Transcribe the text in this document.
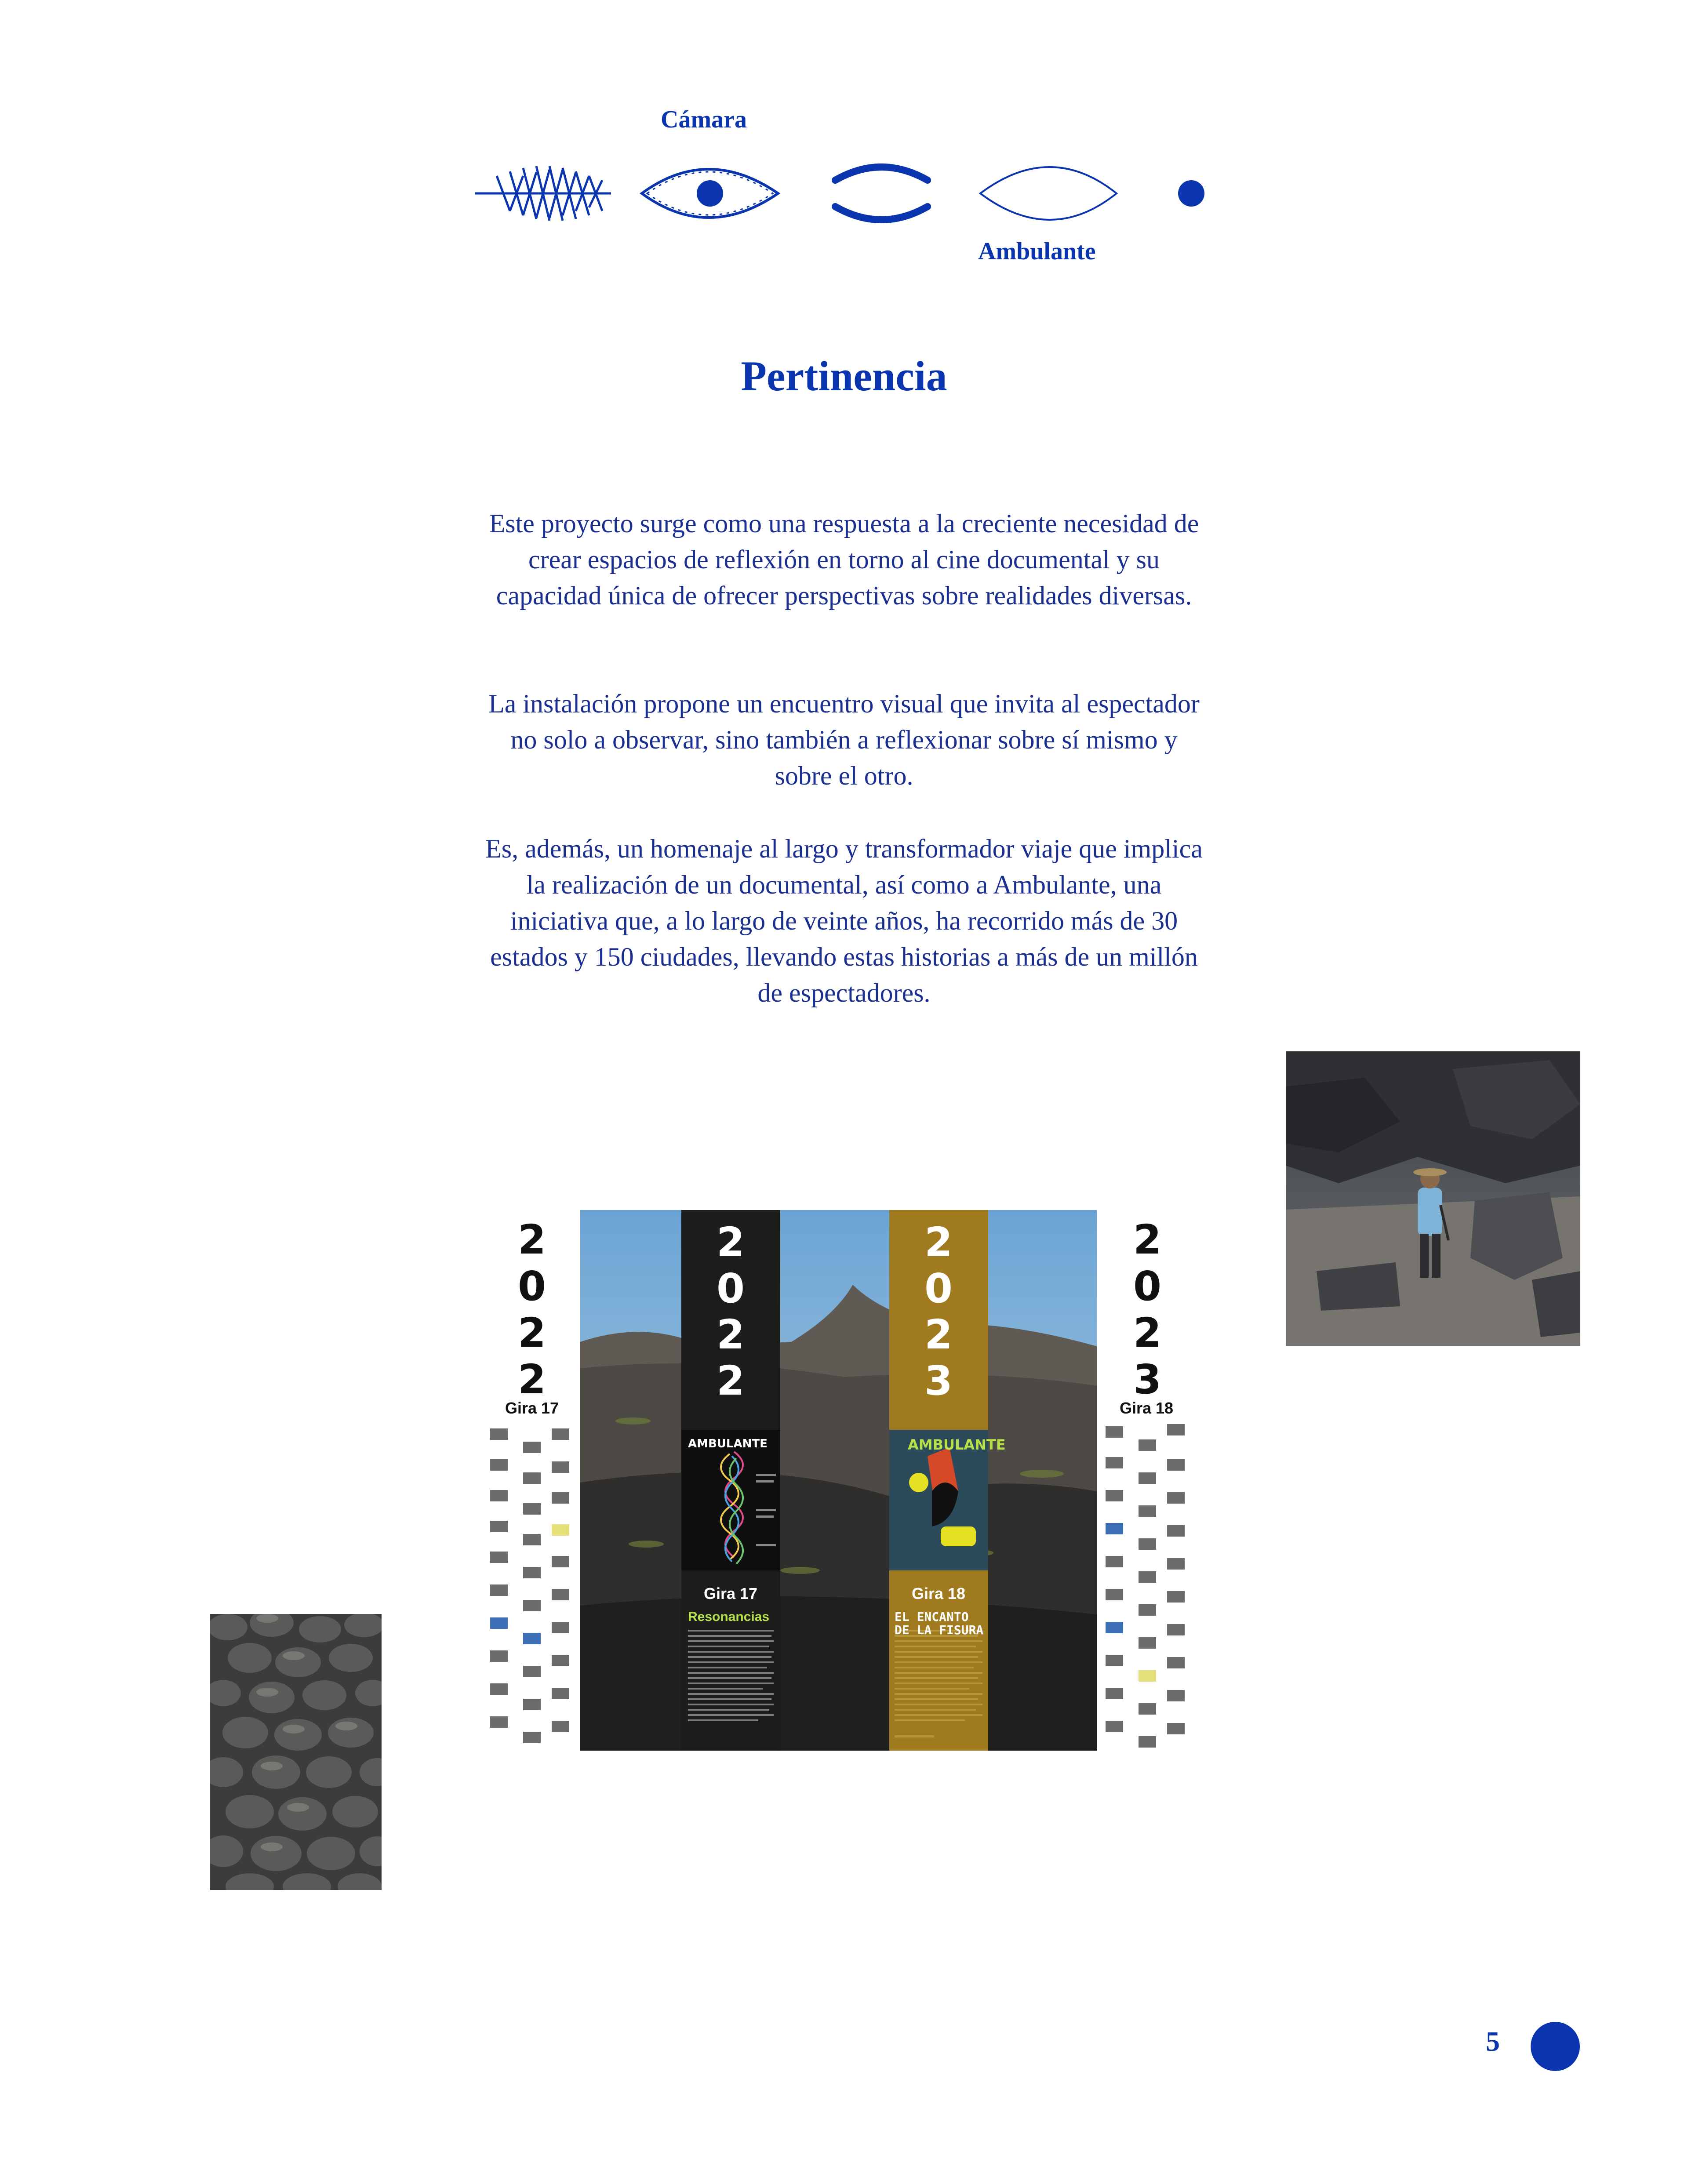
Cámara
Ambulante
Pertinencia
Este proyecto surge como una respuesta a la creciente necesidad de crear espacios de reflexión en torno al cine documental y su capacidad única de ofrecer perspectivas sobre realidades diversas.
La instalación propone un encuentro visual que invita al espectador no solo a observar, sino también a reflexionar sobre sí mismo y sobre el otro.
Es, además, un homenaje al largo y transformador viaje que implica la realización de un documental, así como a Ambulante, una iniciativa que, a lo largo de veinte años, ha recorrido más de 30 estados y 150 ciudades, llevando estas historias a más de un millón de espectadores.
2
0
2
2
Gira 17
2
0
2
3
Gira 18
2
0
2
2
2
0
2
3
AMBULANTE	AMBULANTE
Gira 17	Gira 18
Resonancias	EL ENCANTO
DE LA FISURA
5
